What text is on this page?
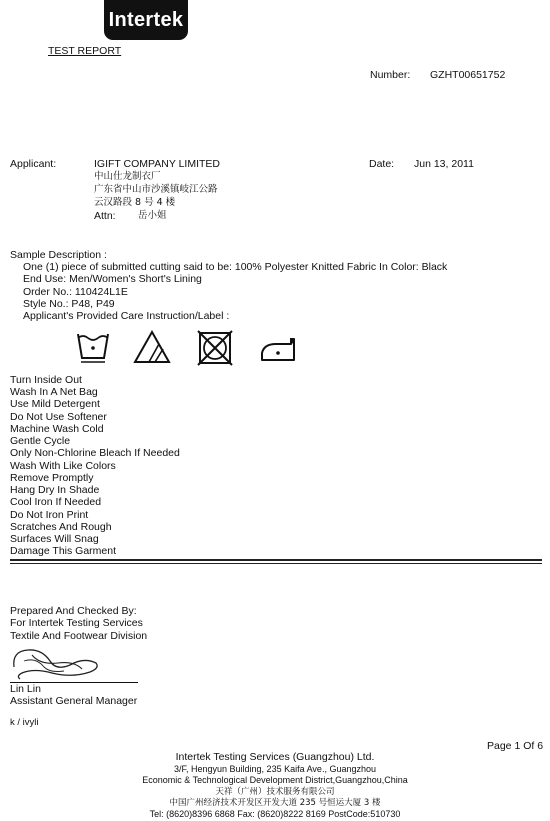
Intertek
TEST REPORT
Number: GZHT00651752
Applicant:	IGIFT COMPANY LIMITED
中山仕龙制衣厂
广东省中山市沙溪镇岐江公路
云汉路段 8 号 4 楼
Attn: 岳小姐
Date: Jun 13, 2011
Sample Description :
One (1) piece of submitted cutting said to be: 100% Polyester Knitted Fabric In Color: Black
End Use: Men/Women's Short's Lining
Order No.: 110424L1E
Style No.: P48, P49
Applicant's Provided Care Instruction/Label :
Turn Inside Out
Wash In A Net Bag
Use Mild Detergent
Do Not Use Softener
Machine Wash Cold
Gentle Cycle
Only Non-Chlorine Bleach If Needed
Wash With Like Colors
Remove Promptly
Hang Dry In Shade
Cool Iron If Needed
Do Not Iron Print
Scratches And Rough
Surfaces Will Snag
Damage This Garment
Prepared And Checked By:
For Intertek Testing Services
Textile And Footwear Division
Lin Lin
Assistant General Manager
k / ivyli
Page 1 Of 6
Intertek Testing Services (Guangzhou) Ltd.
3/F, Hengyun Building, 235 Kaifa Ave., Guangzhou
Economic & Technological Development District,Guangzhou,China
天祥（广州）技术服务有限公司
中国广州经济技术开发区开发大道 235 号恒运大厦 3 楼
Tel: (8620)8396 6868 Fax: (8620)8222 8169 PostCode:510730
